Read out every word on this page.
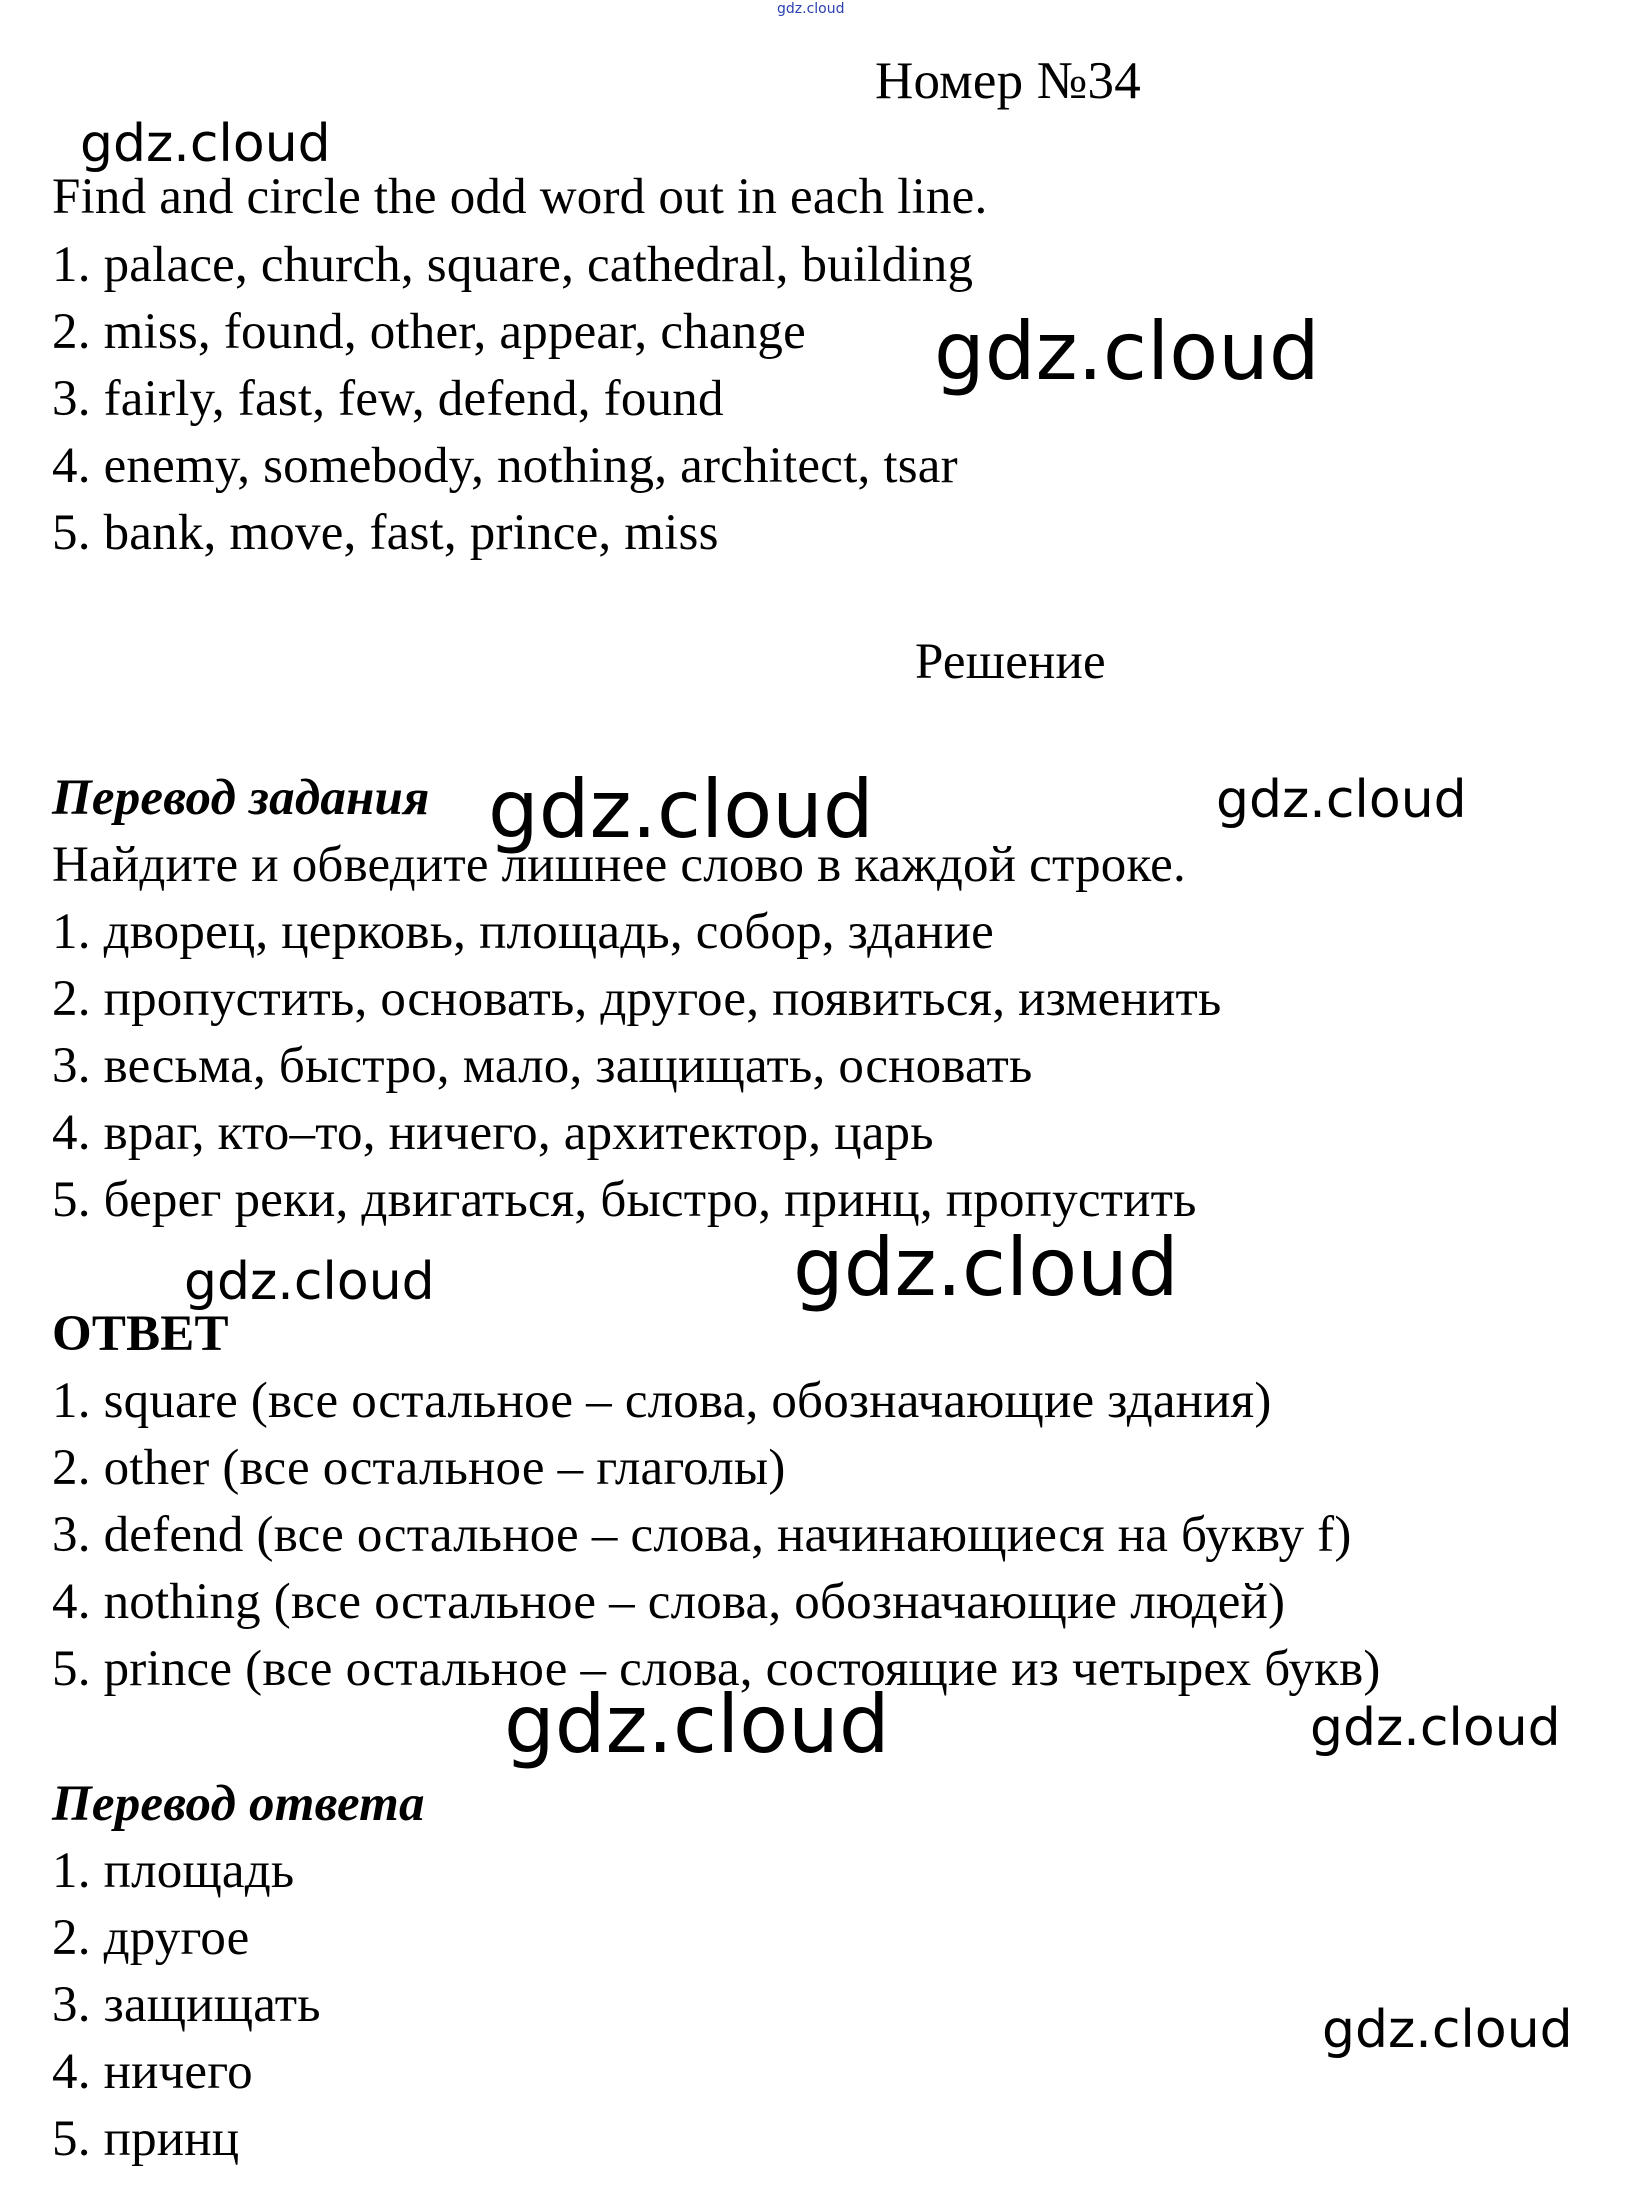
gdz.cloud
Номер №34
gdz.cloud
Find and circle the odd word out in each line.
1. palace, church, square, cathedral, building
2. miss, found, other, appear, change gdz.cloud
3. fairly, fast, few, defend, found
4. enemy, somebody, nothing, architect, tsar
5. bank, move, fast, prince, miss
Решение
Перевод задания gdz.cloud	gdz.cloud
Найдите и обведите лишнее слово в каждой строке.
1. дворец, церковь, площадь, собор, здание
2. пропустить, основать, другое, появиться, изменить
3. весьма, быстро, мало, защищать, основать
4. враг, кто–то, ничего, архитектор, царь
5. берег реки, двигаться, быстро, принц, пропустить
gdz.cloud	gdz.cloud
ОТВЕТ
1. square (все остальное – слова, обозначающие здания)
2. other (все остальное – глаголы)
3. defend (все остальное – слова, начинающиеся на букву f)
4. nothing (все остальное – слова, обозначающие людей)
5. prince (все остальное – слова, состоящие из четырех букв)
gdz.cloud	gdz.cloud
Перевод ответа
1. площадь
2. другое
3. защищать	gdz.cloud
4. ничего
5. принц
